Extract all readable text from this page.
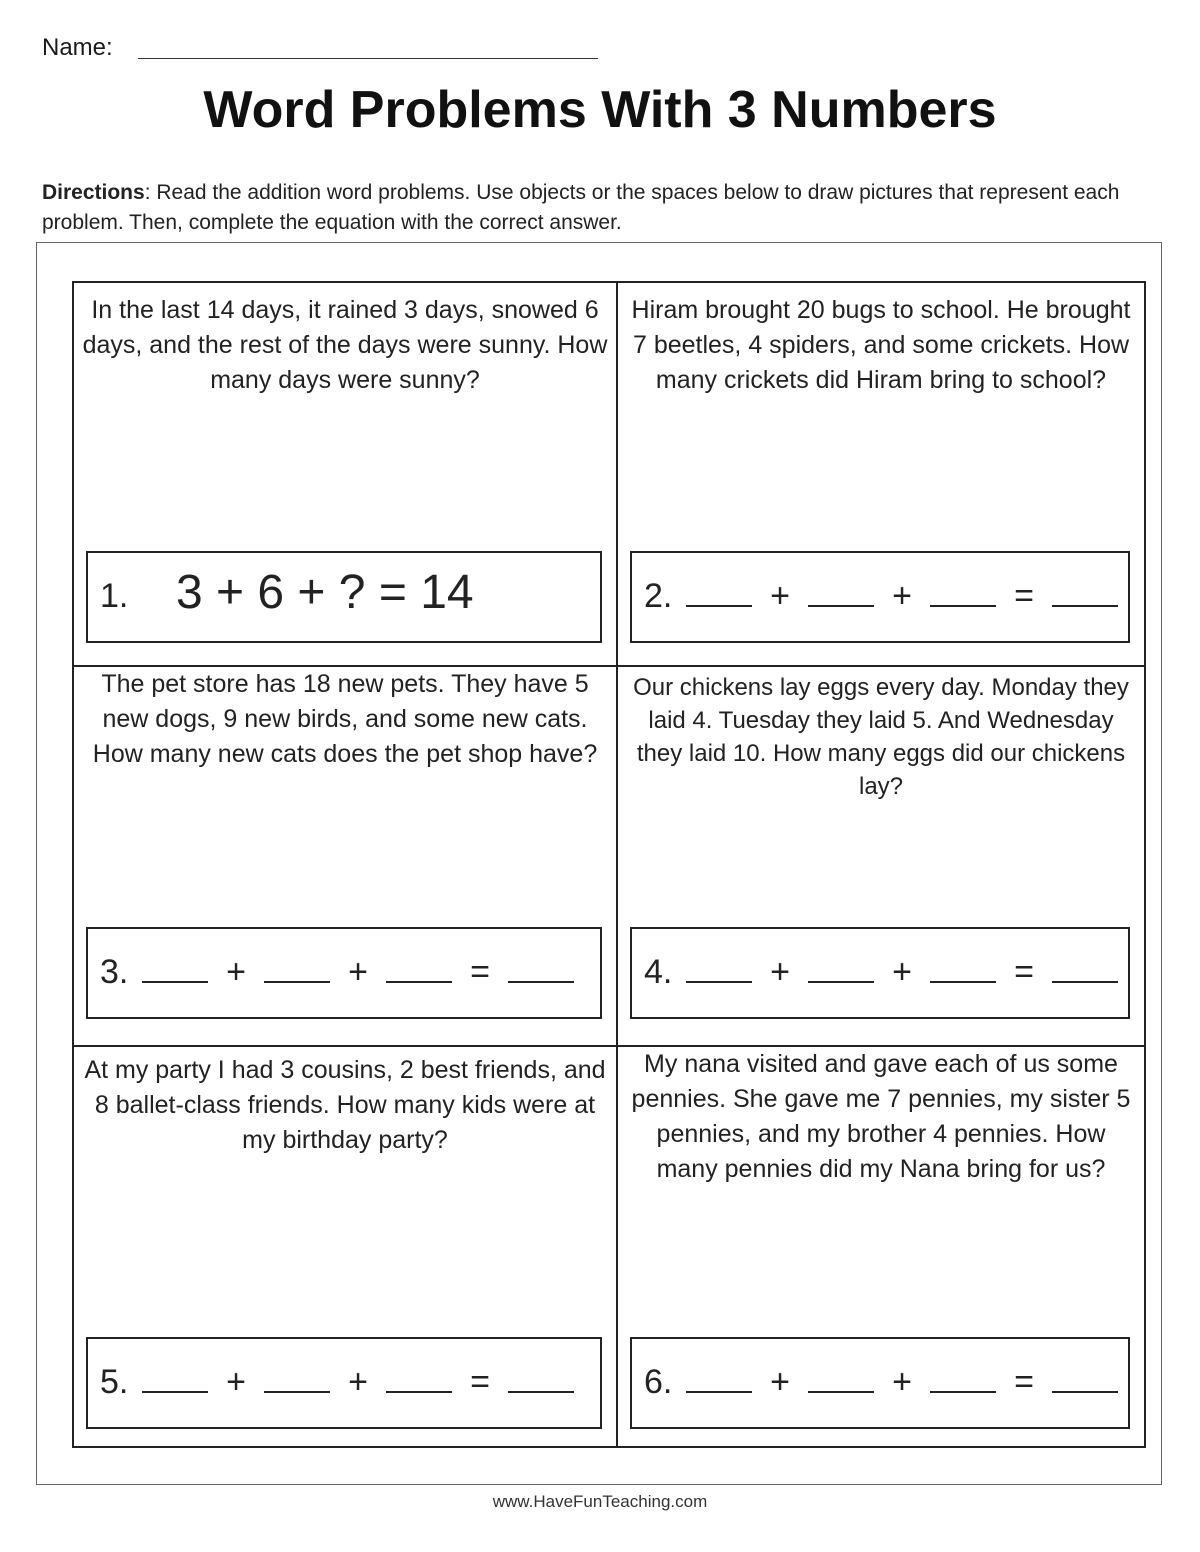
Name:
Word Problems With 3 Numbers
Directions: Read the addition word problems. Use objects or the spaces below to draw pictures that represent each problem. Then, complete the equation with the correct answer.
In the last 14 days, it rained 3 days, snowed 6 days, and the rest of the days were sunny. How many days were sunny?
1. 3 + 6 + ? = 14
Hiram brought 20 bugs to school. He brought 7 beetles, 4 spiders, and some crickets. How many crickets did Hiram bring to school?
2.	+	+	=
The pet store has 18 new pets. They have 5 new dogs, 9 new birds, and some new cats. How many new cats does the pet shop have?
3.	+	+	=
Our chickens lay eggs every day. Monday they laid 4. Tuesday they laid 5. And Wednesday they laid 10. How many eggs did our chickens lay?
4.	+	+	=
At my party I had 3 cousins, 2 best friends, and 8 ballet-class friends. How many kids were at my birthday party?
5.	+	+	=
My nana visited and gave each of us some pennies. She gave me 7 pennies, my sister 5 pennies, and my brother 4 pennies. How many pennies did my Nana bring for us?
6.	+	+	=
www.HaveFunTeaching.com
